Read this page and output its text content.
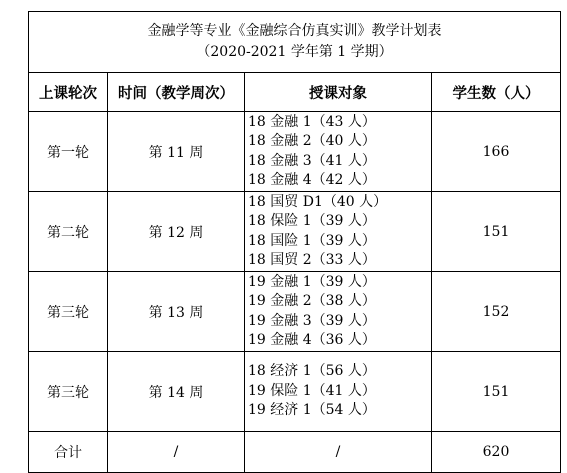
金融学等专业《金融综合仿真实训》教学计划表
（2020-2021 学年第 1 学期）			

上课轮次	时间（教学周次）	授课对象	学生数（人）
第一轮	第 11 周	18 金融 1（43 人）
18 金融 2（40 人）
18 金融 3（41 人）
18 金融 4（42 人）	166
第二轮	第 12 周	18 国贸 D1（40 人）
18 保险 1（39 人）
18 国险 1（39 人）
18 国贸 2（33 人）	151
第三轮	第 13 周	19 金融 1（39 人）
19 金融 2（38 人）
19 金融 3（39 人）
19 金融 4（36 人）	152
第三轮	第 14 周	18 经济 1（56 人）
19 保险 1（41 人）
19 经济 1（54 人）	151
合计	/	/	620
